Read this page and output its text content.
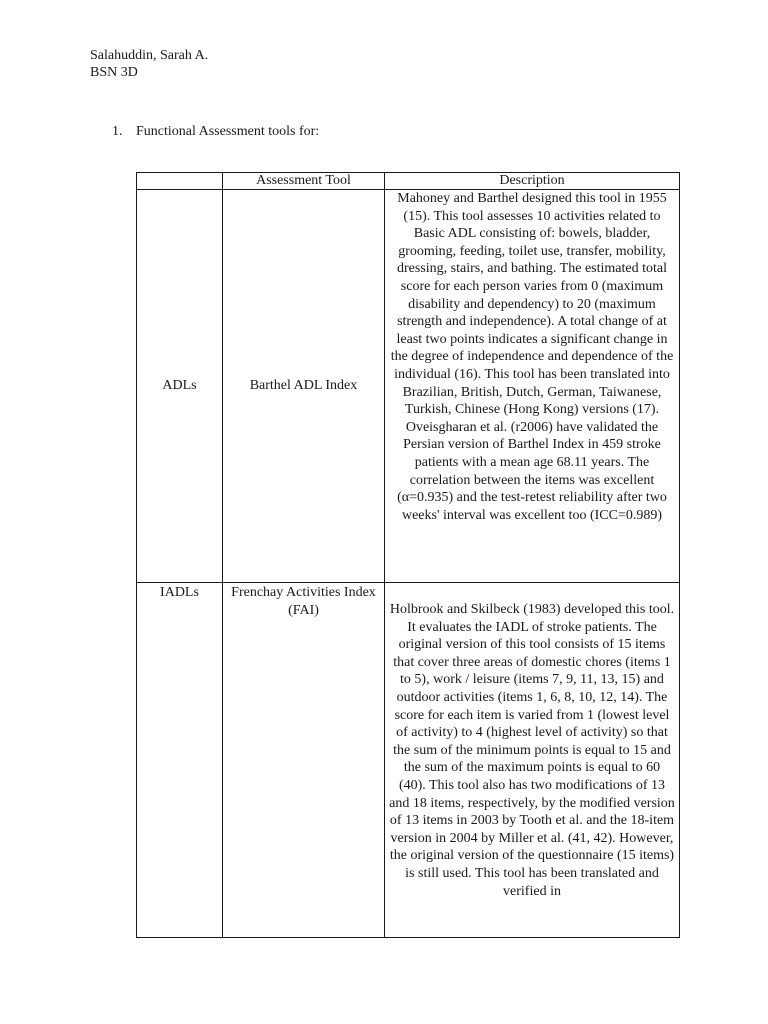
Salahuddin, Sarah A.
BSN 3D
1. Functional Assessment tools for:
	Assessment Tool	Description
ADLs	Barthel ADL Index	Mahoney and Barthel designed this tool in 1955 (15). This tool assesses 10 activities related to Basic ADL consisting of: bowels, bladder, grooming, feeding, toilet use, transfer, mobility, dressing, stairs, and bathing. The estimated total score for each person varies from 0 (maximum disability and dependency) to 20 (maximum strength and independence). A total change of at least two points indicates a significant change in the degree of independence and dependence of the individual (16). This tool has been translated into Brazilian, British, Dutch, German, Taiwanese, Turkish, Chinese (Hong Kong) versions (17). Oveisgharan et al. (r2006) have validated the Persian version of Barthel Index in 459 stroke patients with a mean age 68.11 years. The correlation between the items was excellent (α=0.935) and the test-retest reliability after two weeks' interval was excellent too (ICC=0.989)
IADLs	Frenchay Activities Index (FAI)	Holbrook and Skilbeck (1983) developed this tool. It evaluates the IADL of stroke patients. The original version of this tool consists of 15 items that cover three areas of domestic chores (items 1 to 5), work / leisure (items 7, 9, 11, 13, 15) and outdoor activities (items 1, 6, 8, 10, 12, 14). The score for each item is varied from 1 (lowest level of activity) to 4 (highest level of activity) so that the sum of the minimum points is equal to 15 and the sum of the maximum points is equal to 60 (40). This tool also has two modifications of 13 and 18 items, respectively, by the modified version of 13 items in 2003 by Tooth et al. and the 18-item version in 2004 by Miller et al. (41, 42). However, the original version of the questionnaire (15 items) is still used. This tool has been translated and verified in
